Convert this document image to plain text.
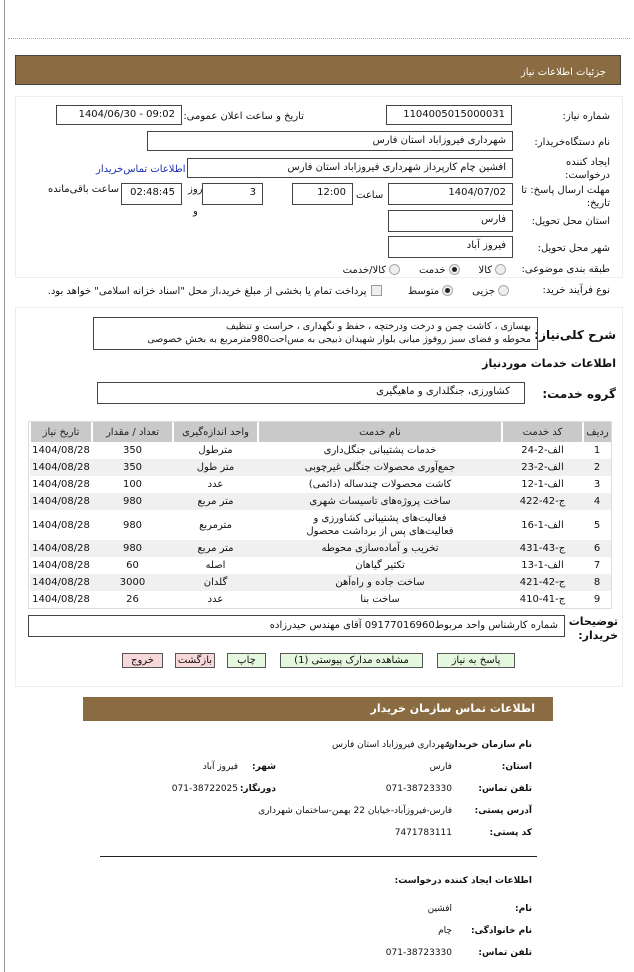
جزئیات اطلاعات نیاز
شماره نیاز:
1104005015000031
تاریخ و ساعت اعلان عمومی:
1404/06/30 - 09:02
نام دستگاه‌خریدار:
شهرداری فیروزاباد استان فارس
ایجاد کننده درخواست:
افشین چام کارپرداز شهرداری فیروزاباد استان فارس
اطلاعات تماس‌خریدار
مهلت ارسال پاسخ: تا تاریخ:
1404/07/02
ساعت
12:00
روز
و
3
02:48:45
ساعت باقی‌مانده
استان محل تحویل:
فارس
شهر محل تحویل:
فیروز آباد
طبقه بندی موضوعی:
کالا     خدمت     کالا/خدمت
نوع فرآیند خرید:
جزیی     متوسط       پرداخت تمام یا بخشی از مبلغ خرید،از محل "اسناد خزانه اسلامی" خواهد بود.
شرح کلی‌نیاز:
بهسازی ، کاشت چمن و درخت ودرختچه ، حفظ و نگهداری ، حراست و تنظیف
محوطه و فضای سبز روفوژ میانی بلوار شهیدان ذبیحی به مس‌احت980مترمربع به بخش خصوصی
اطلاعات خدمات موردنیاز
گروه خدمت:
کشاورزی، جنگلداری و ماهیگیری
ردیف	کد خدمت	نام خدمت	واحد اندازه‌گیری	تعداد / مقدار	تاریخ نیاز
1	الف-2-24	خدمات پشتیبانی جنگل‌داری	مترطول	350	1404/08/28
2	الف-2-23	جمع‌آوری محصولات جنگلی غیرچوبی	متر طول	350	1404/08/28
3	الف-1-12	کاشت محصولات چندساله (دائمی)	عدد	100	1404/08/28
4	ج-42-422	ساخت پروژه‌های تاسیسات شهری	متر مربع	980	1404/08/28
5	الف-1-16	فعالیت‌های پشتیبانی کشاورزی و فعالیت‌های پس از برداشت محصول	مترمربع	980	1404/08/28
6	ج-43-431	تخریب و آماده‌سازی محوطه	متر مربع	980	1404/08/28
7	الف-1-13	تکثیر گیاهان	اصله	60	1404/08/28
8	ج-42-421	ساخت جاده و راه‌آهن	گلدان	3000	1404/08/28
9	ج-41-410	ساخت بنا	عدد	26	1404/08/28
توضیحات خریدار:
شماره کارشناس واحد مربوط09177016960 آقای مهندس حیدرزاده
پاسخ به نیاز
مشاهده مدارک پیوستی (1)
چاپ
بازگشت
خروج
اطلاعات تماس سازمان خریدار
نام سازمان خریدار:
شهرداری فیروزاباد استان فارس
استان:
فارس
شهر:
فیروز آباد
تلفن تماس:
071-38723330
دورنگار:
071-38722025
آدرس پستی:
فارس-فیروزآباد-خیابان 22 بهمن-ساختمان شهرداری
کد پستی:
7471783111
اطلاعات ایجاد کننده درخواست:
نام:
افشین
نام خانوادگی:
چام
تلفن تماس:
071-38723330
